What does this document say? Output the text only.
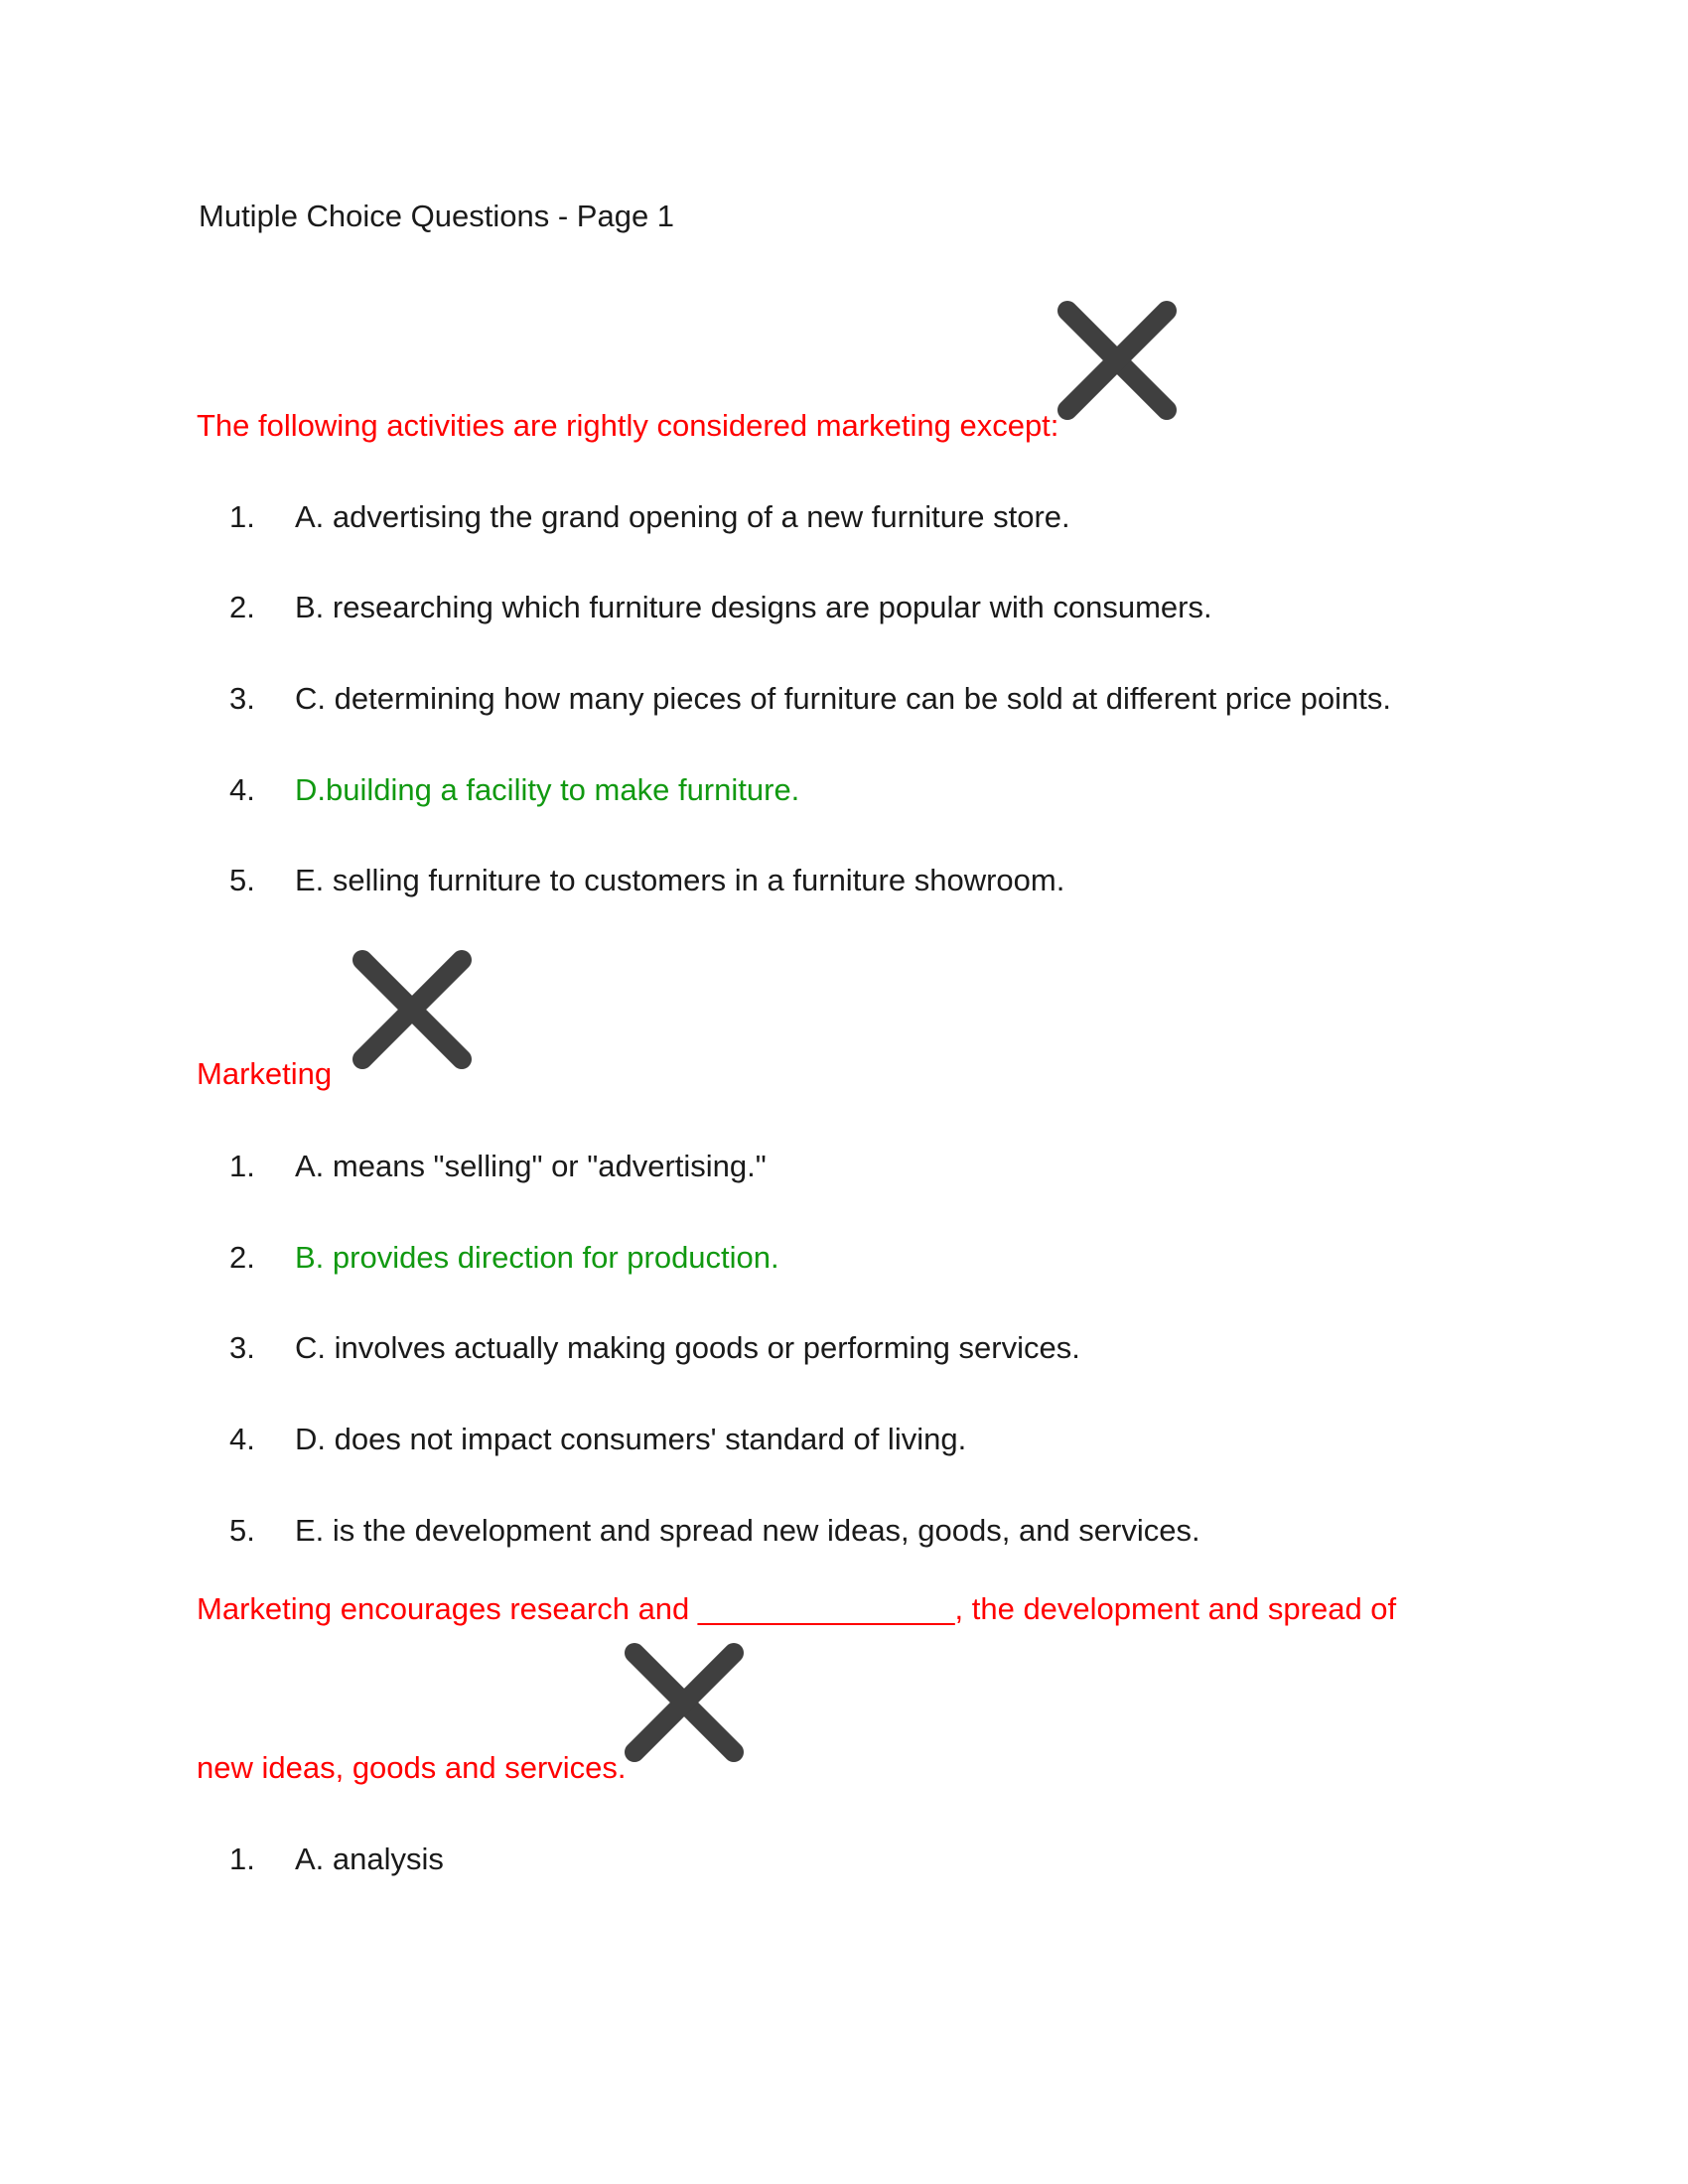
Mutiple Choice Questions - Page 1
The following activities are rightly considered marketing except:
1. A. advertising the grand opening of a new furniture store.
2. B. researching which furniture designs are popular with consumers.
3. C. determining how many pieces of furniture can be sold at different price points.
4. D.building a facility to make furniture.
5. E. selling furniture to customers in a furniture showroom.
Marketing
1. A. means "selling" or "advertising."
2. B. provides direction for production.
3. C. involves actually making goods or performing services.
4. D. does not impact consumers' standard of living.
5. E. is the development and spread new ideas, goods, and services.
Marketing encourages research and _______________, the development and spread of
new ideas, goods and services.
1. A. analysis
